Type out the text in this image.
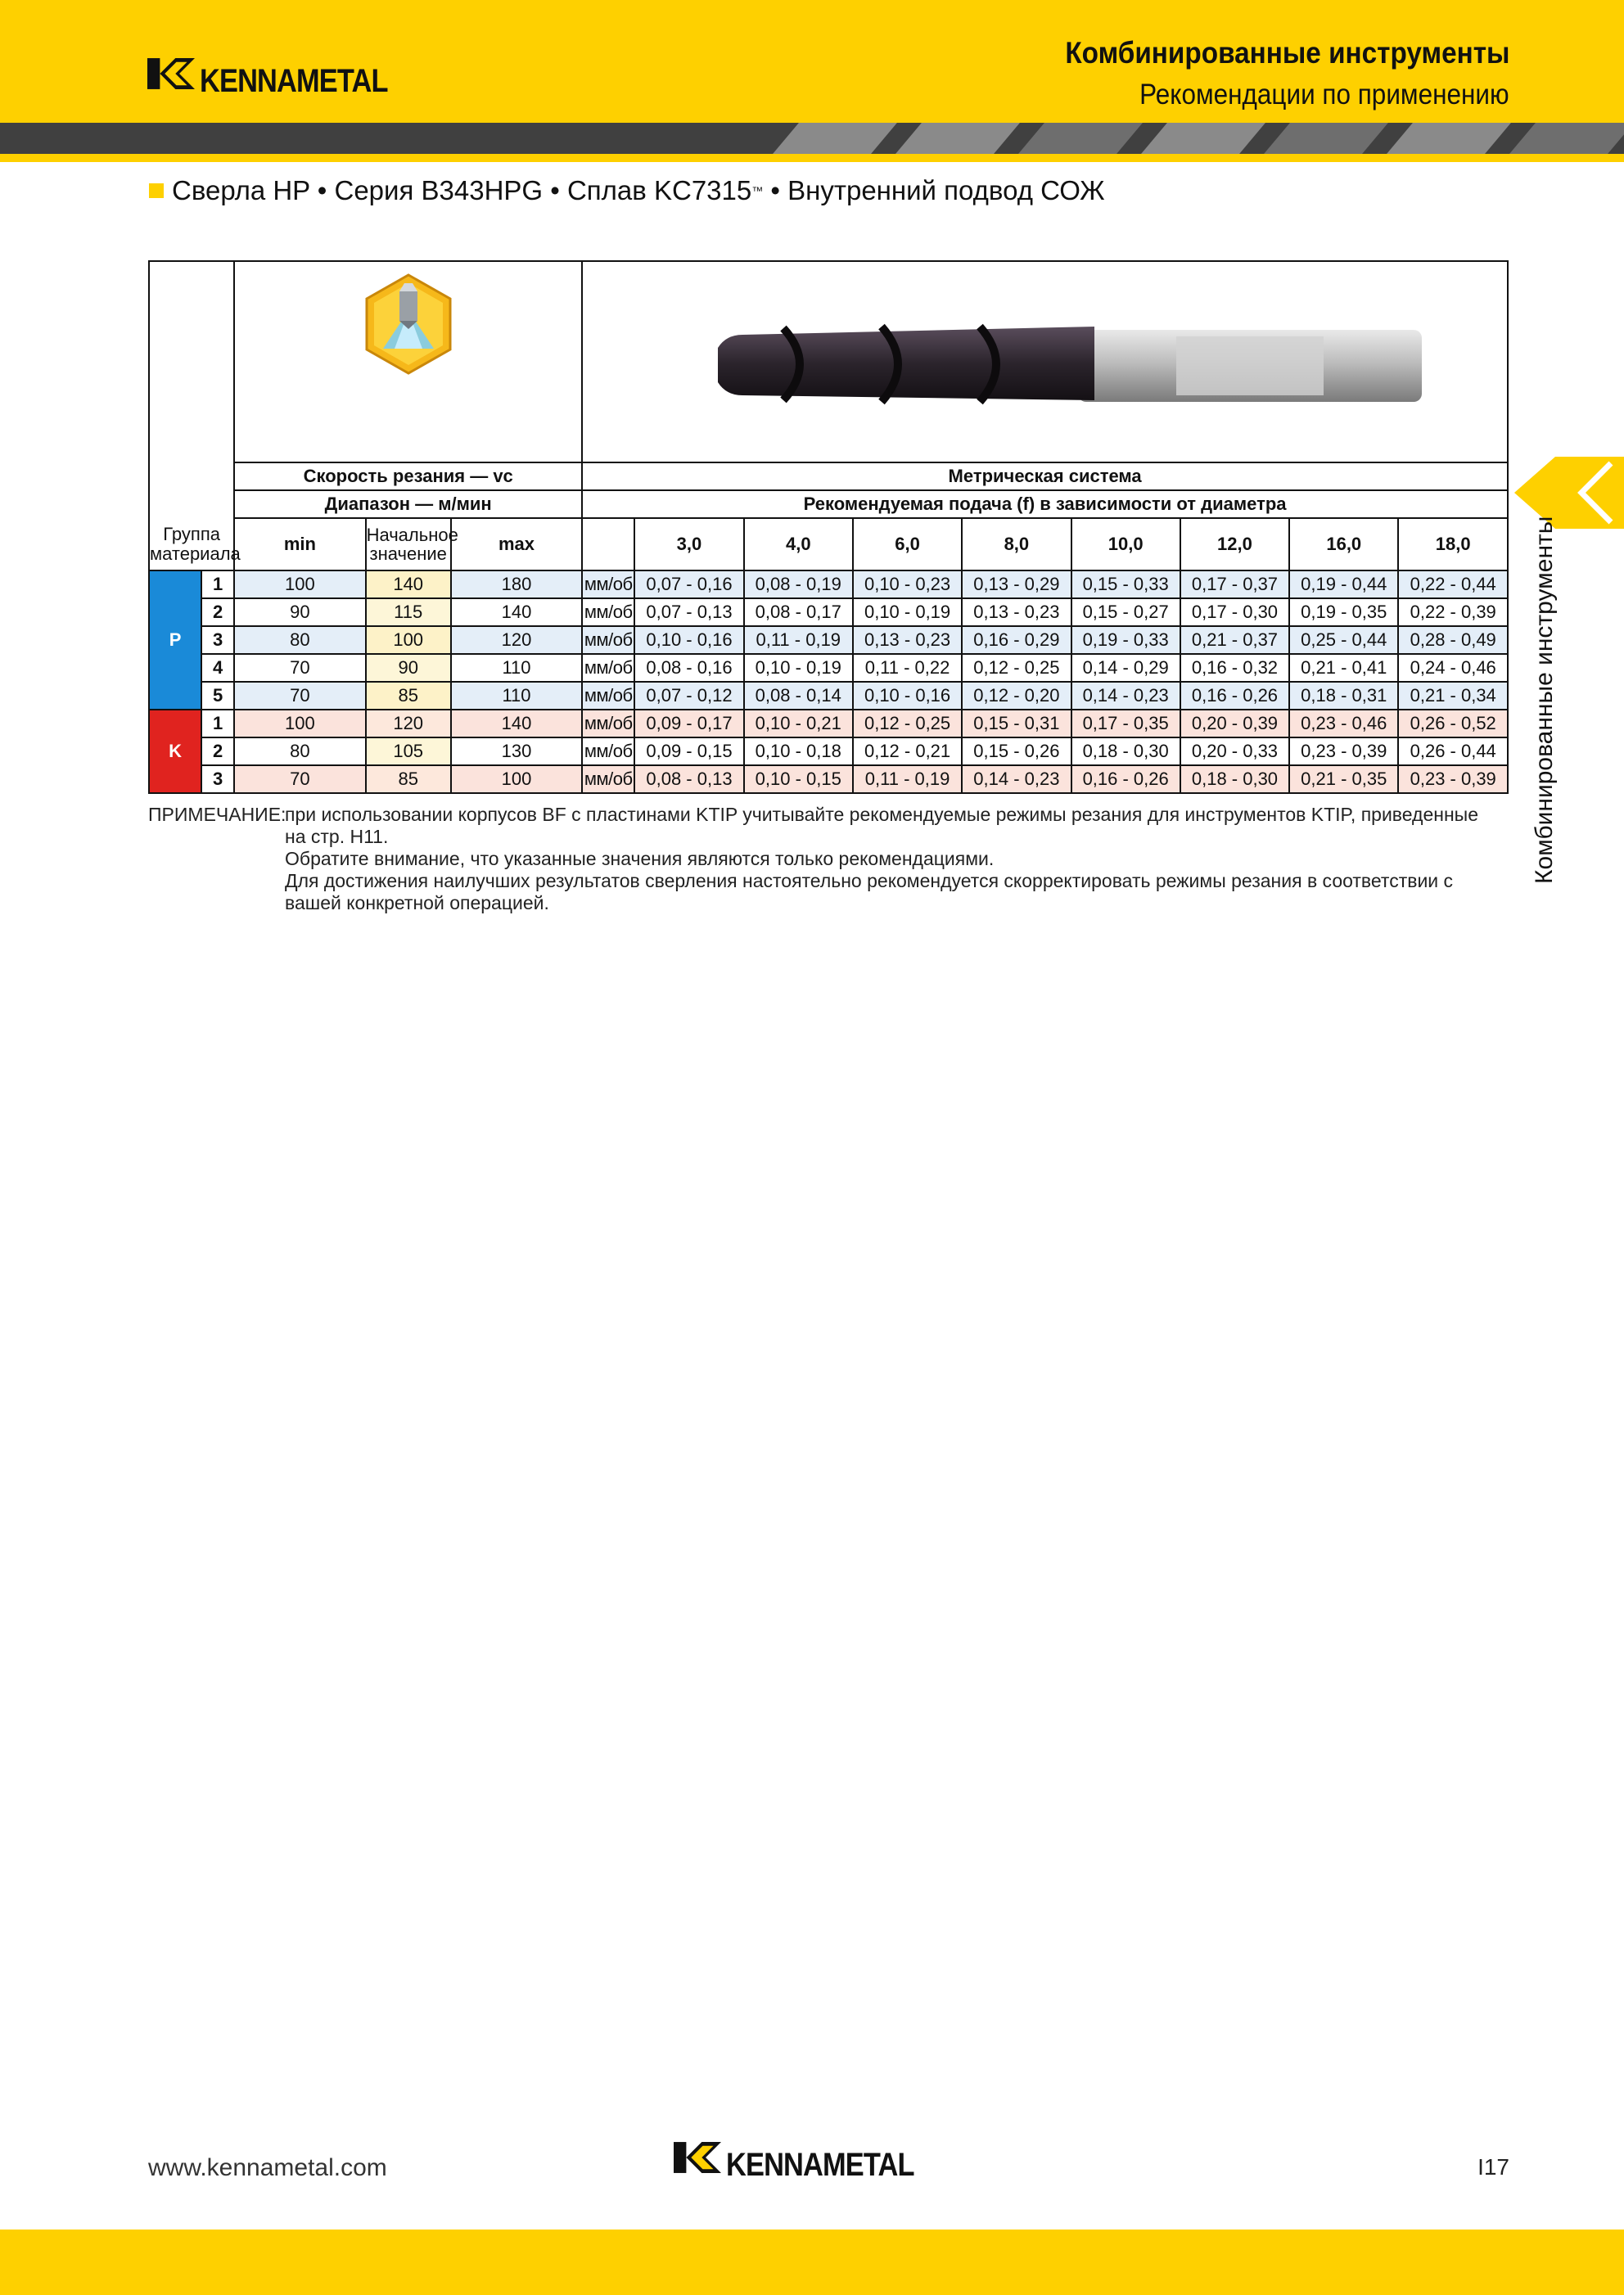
KENNAMETAL
Комбинированные инструменты
Рекомендации по применению
Сверла HP • Серия B343HPG • Сплав KC7315 ™ • Внутренний подвод СОЖ
Комбинированные инструменты

		Скорость резания — vc			Метрическая система								
		Диапазон — м/мин			Рекомендуемая подача (f) в зависимости от диаметра								
Группа материала		min	Начальное значение	max		3,0	4,0	6,0	8,0	10,0	12,0	16,0	18,0
P	1	100	140	180	мм/об	0,07 - 0,16	0,08 - 0,19	0,10 - 0,23	0,13 - 0,29	0,15 - 0,33	0,17 - 0,37	0,19 - 0,44	0,22 - 0,44
	2	90	115	140	мм/об	0,07 - 0,13	0,08 - 0,17	0,10 - 0,19	0,13 - 0,23	0,15 - 0,27	0,17 - 0,30	0,19 - 0,35	0,22 - 0,39
	3	80	100	120	мм/об	0,10 - 0,16	0,11 - 0,19	0,13 - 0,23	0,16 - 0,29	0,19 - 0,33	0,21 - 0,37	0,25 - 0,44	0,28 - 0,49
	4	70	90	110	мм/об	0,08 - 0,16	0,10 - 0,19	0,11 - 0,22	0,12 - 0,25	0,14 - 0,29	0,16 - 0,32	0,21 - 0,41	0,24 - 0,46
	5	70	85	110	мм/об	0,07 - 0,12	0,08 - 0,14	0,10 - 0,16	0,12 - 0,20	0,14 - 0,23	0,16 - 0,26	0,18 - 0,31	0,21 - 0,34
K	1	100	120	140	мм/об	0,09 - 0,17	0,10 - 0,21	0,12 - 0,25	0,15 - 0,31	0,17 - 0,35	0,20 - 0,39	0,23 - 0,46	0,26 - 0,52
	2	80	105	130	мм/об	0,09 - 0,15	0,10 - 0,18	0,12 - 0,21	0,15 - 0,26	0,18 - 0,30	0,20 - 0,33	0,23 - 0,39	0,26 - 0,44
	3	70	85	100	мм/об	0,08 - 0,13	0,10 - 0,15	0,11 - 0,19	0,14 - 0,23	0,16 - 0,26	0,18 - 0,30	0,21 - 0,35	0,23 - 0,39
ПРИМЕЧАНИЕ:
при использовании корпусов BF с пластинами KTIP учитывайте рекомендуемые режимы резания для инструментов KTIP, приведенные на стр. H11.
Обратите внимание, что указанные значения являются только рекомендациями.
Для достижения наилучших результатов сверления настоятельно рекомендуется скорректировать режимы резания в соответствии с вашей конкретной операцией.
www.kennametal.com	KENNAMETAL	I17
